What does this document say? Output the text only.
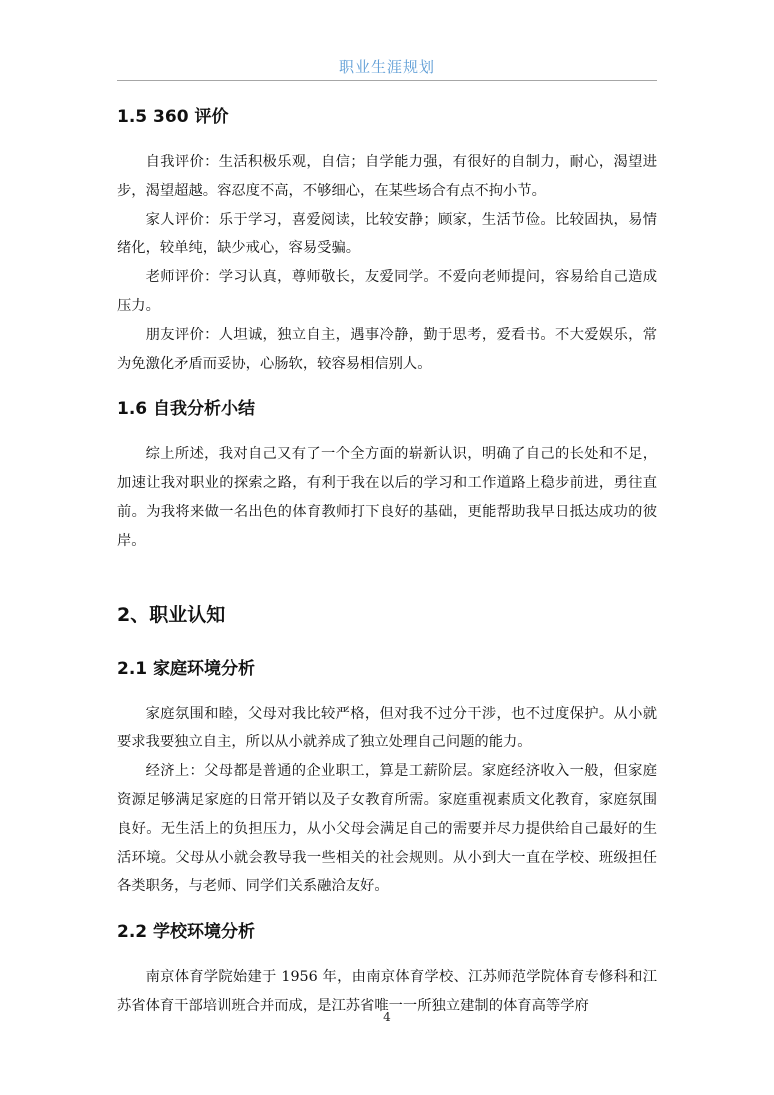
职业生涯规划
1.5 360 评价

自我评价：生活积极乐观，自信；自学能力强，有很好的自制力，耐心，渴望进步，渴望超越。容忍度不高，不够细心，在某些场合有点不拘小节。

家人评价：乐于学习，喜爱阅读，比较安静；顾家，生活节俭。比较固执，易情绪化，较单纯，缺少戒心，容易受骗。

老师评价：学习认真，尊师敬长，友爱同学。不爱向老师提问，容易给自己造成压力。

朋友评价：人坦诚，独立自主，遇事冷静，勤于思考，爱看书。不大爱娱乐，常为免激化矛盾而妥协，心肠软，较容易相信别人。

1.6 自我分析小结

综上所述，我对自己又有了一个全方面的崭新认识，明确了自己的长处和不足，加速让我对职业的探索之路，有利于我在以后的学习和工作道路上稳步前进，勇往直前。为我将来做一名出色的体育教师打下良好的基础，更能帮助我早日抵达成功的彼岸。

2、职业认知
2.1 家庭环境分析

家庭氛围和睦，父母对我比较严格，但对我不过分干涉，也不过度保护。从小就要求我要独立自主，所以从小就养成了独立处理自己问题的能力。

经济上：父母都是普通的企业职工，算是工薪阶层。家庭经济收入一般，但家庭资源足够满足家庭的日常开销以及子女教育所需。家庭重视素质文化教育，家庭氛围良好。无生活上的负担压力，从小父母会满足自己的需要并尽力提供给自己最好的生活环境。父母从小就会教导我一些相关的社会规则。从小到大一直在学校、班级担任各类职务，与老师、同学们关系融洽友好。

2.2 学校环境分析

南京体育学院始建于 1956 年，由南京体育学校、江苏师范学院体育专修科和江苏省体育干部培训班合并而成，是江苏省唯一一所独立建制的体育高等学府

4
